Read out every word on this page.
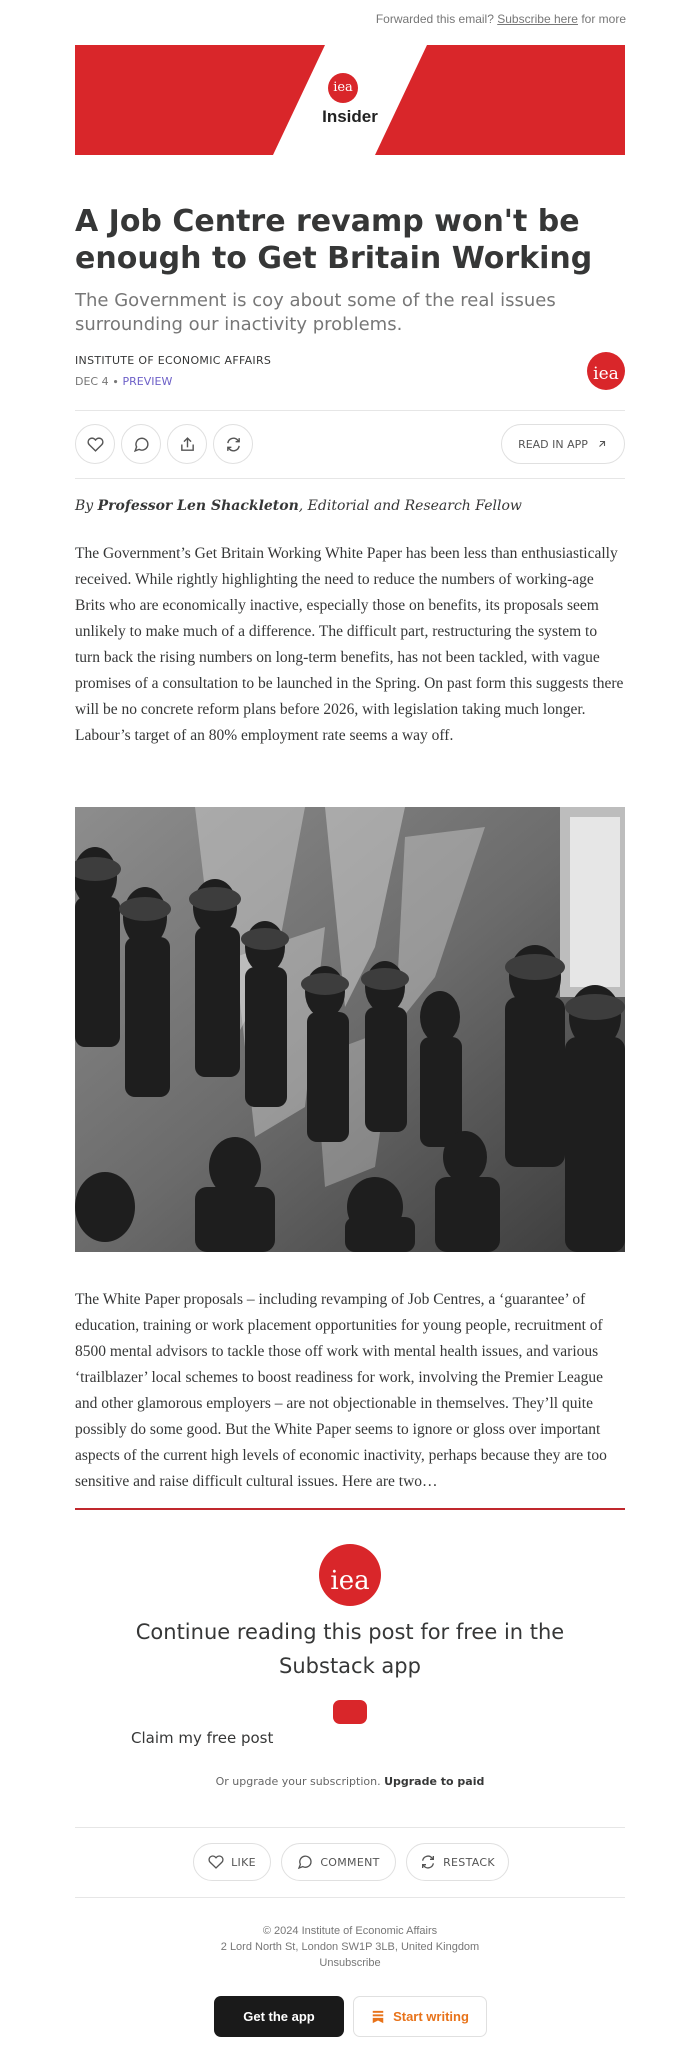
Forwarded this email? Subscribe here for more
iea
Insider
A Job Centre revamp won't be enough to Get Britain Working
The Government is coy about some of the real issues surrounding our inactivity problems.
INSTITUTE OF ECONOMIC AFFAIRS
DEC 4 ∙ PREVIEW	iea
READ IN APP
By Professor Len Shackleton, Editorial and Research Fellow

The Government’s Get Britain Working White Paper has been less than enthusiastically received. While rightly highlighting the need to reduce the numbers of working-age Brits who are economically inactive, especially those on benefits, its proposals seem unlikely to make much of a difference. The difficult part, restructuring the system to turn back the rising numbers on long-term benefits, has not been tackled, with vague promises of a consultation to be launched in the Spring. On past form this suggests there will be no concrete reform plans before 2026, with legislation taking much longer. Labour’s target of an 80% employment rate seems a way off.

The White Paper proposals – including revamping of Job Centres, a ‘guarantee’ of education, training or work placement opportunities for young people, recruitment of 8500 mental advisors to tackle those off work with mental health issues, and various ‘trailblazer’ local schemes to boost readiness for work, involving the Premier League and other glamorous employers – are not objectionable in themselves. They’ll quite possibly do some good. But the White Paper seems to ignore or gloss over important aspects of the current high levels of economic inactivity, perhaps because they are too sensitive and raise difficult cultural issues. Here are two…

iea
Continue reading this post for free in the Substack app
Claim my free post
Or upgrade your subscription. Upgrade to paid
LIKE	COMMENT	RESTACK
© 2024 Institute of Economic Affairs
2 Lord North St, London SW1P 3LB, United Kingdom
Unsubscribe
Get the app	Start writing
